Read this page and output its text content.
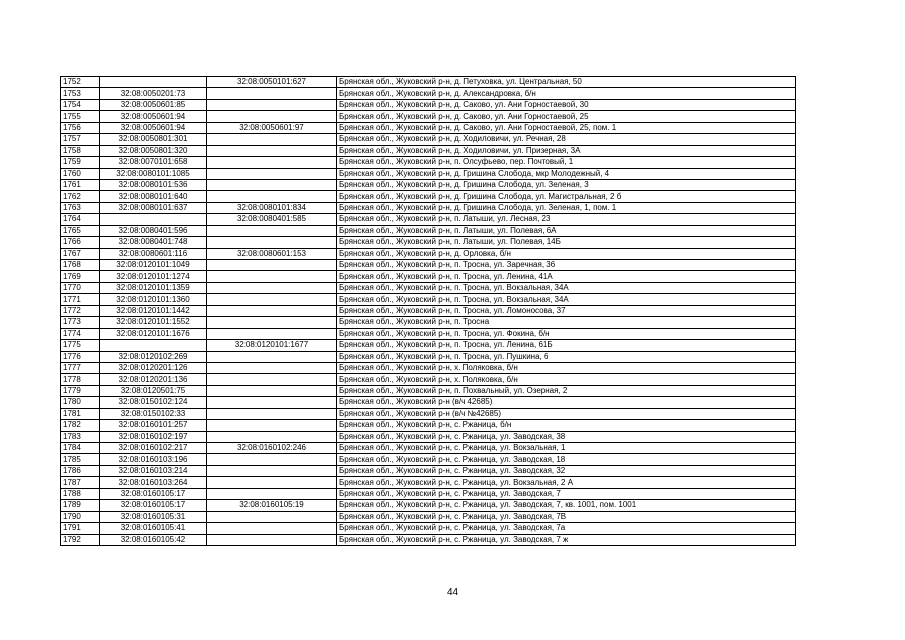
1752		32:08:0050101:627	Брянская обл., Жуковский р-н, д. Петуховка, ул. Центральная, 50
1753	32:08:0050201:73		Брянская обл., Жуковский р-н, д. Александровка, б/н
1754	32:08:0050601:85		Брянская обл., Жуковский р-н, д. Саково, ул. Ани Горностаевой, 30
1755	32:08:0050601:94		Брянская обл., Жуковский р-н, д. Саково, ул. Ани Горностаевой, 25
1756	32:08:0050601:94	32:08:0050601:97	Брянская обл., Жуковский р-н, д. Саково, ул. Ани Горностаевой, 25, пом. 1
1757	32:08:0050801:301		Брянская обл., Жуковский р-н, д. Ходиловичи, ул. Речная, 28
1758	32:08:0050801:320		Брянская обл., Жуковский р-н, д. Ходиловичи, ул. Призерная, 3А
1759	32:08:0070101:658		Брянская обл., Жуковский р-н, п. Олсуфьево, пер. Почтовый, 1
1760	32:08:0080101:1085		Брянская обл., Жуковский р-н, д. Гришина Слобода, мкр Молодежный, 4
1761	32:08:0080101:536		Брянская обл., Жуковский р-н, д. Гришина Слобода, ул. Зеленая, 3
1762	32:08:0080101:640		Брянская обл., Жуковский р-н, д. Гришина Слобода, ул. Магистральная, 2 б
1763	32:08:0080101:637	32:08:0080101:834	Брянская обл., Жуковский р-н, д. Гришина Слобода, ул. Зеленая, 1, пом. 1
1764		32:08:0080401:585	Брянская обл., Жуковский р-н, п. Латыши, ул. Лесная, 23
1765	32:08:0080401:596		Брянская обл., Жуковский р-н, п. Латыши, ул. Полевая, 6А
1766	32:08:0080401:748		Брянская обл., Жуковский р-н, п. Латыши, ул. Полевая, 14Б
1767	32:08:0080601:116	32:08:0080601:153	Брянская обл., Жуковский р-н, д. Орловка, б/н
1768	32:08:0120101:1049		Брянская обл., Жуковский р-н, п. Тросна, ул. Заречная, 36
1769	32:08:0120101:1274		Брянская обл., Жуковский р-н, п. Тросна, ул. Ленина, 41А
1770	32:08:0120101:1359		Брянская обл., Жуковский р-н, п. Тросна, ул. Вокзальная, 34А
1771	32:08:0120101:1360		Брянская обл., Жуковский р-н, п. Тросна, ул. Вокзальная, 34А
1772	32:08:0120101:1442		Брянская обл., Жуковский р-н, п. Тросна, ул. Ломоносова, 37
1773	32:08:0120101:1552		Брянская обл., Жуковский р-н, п. Тросна
1774	32:08:0120101:1676		Брянская обл., Жуковский р-н, п. Тросна, ул. Фокина, б/н
1775		32:08:0120101:1677	Брянская обл., Жуковский р-н, п. Тросна, ул. Ленина, 61Б
1776	32:08:0120102:269		Брянская обл., Жуковский р-н, п. Тросна, ул. Пушкина, 6
1777	32:08:0120201:126		Брянская обл., Жуковский р-н, х. Поляковка, б/н
1778	32:08:0120201:136		Брянская обл., Жуковский р-н, х. Поляковка, б/н
1779	32:08:0120501:75		Брянская обл., Жуковский р-н, п. Похвальный, ул. Озерная, 2
1780	32:08:0150102:124		Брянская обл., Жуковский р-н (в/ч 42685)
1781	32:08:0150102:33		Брянская обл., Жуковский р-н (в/ч №42685)
1782	32:08:0160101:257		Брянская обл., Жуковский р-н, с. Ржаница, б/н
1783	32:08:0160102:197		Брянская обл., Жуковский р-н, с. Ржаница, ул. Заводская, 38
1784	32:08:0160102:217	32:08:0160102:246	Брянская обл., Жуковский р-н, с. Ржаница, ул. Вокзальная, 1
1785	32:08:0160103:196		Брянская обл., Жуковский р-н, с. Ржаница, ул. Заводская, 18
1786	32:08:0160103:214		Брянская обл., Жуковский р-н, с. Ржаница, ул. Заводская, 32
1787	32:08:0160103:264		Брянская обл., Жуковский р-н, с. Ржаница, ул. Вокзальная, 2 А
1788	32:08:0160105:17		Брянская обл., Жуковский р-н, с. Ржаница, ул. Заводская, 7
1789	32:08:0160105:17	32:08:0160105:19	Брянская обл., Жуковский р-н, с. Ржаница, ул. Заводская, 7, кв. 1001, пом. 1001
1790	32:08:0160105:31		Брянская обл., Жуковский р-н, с. Ржаница, ул. Заводская, 7В
1791	32:08:0160105:41		Брянская обл., Жуковский р-н, с. Ржаница, ул. Заводская, 7а
1792	32:08:0160105:42		Брянская обл., Жуковский р-н, с. Ржаница, ул. Заводская, 7 ж
44
